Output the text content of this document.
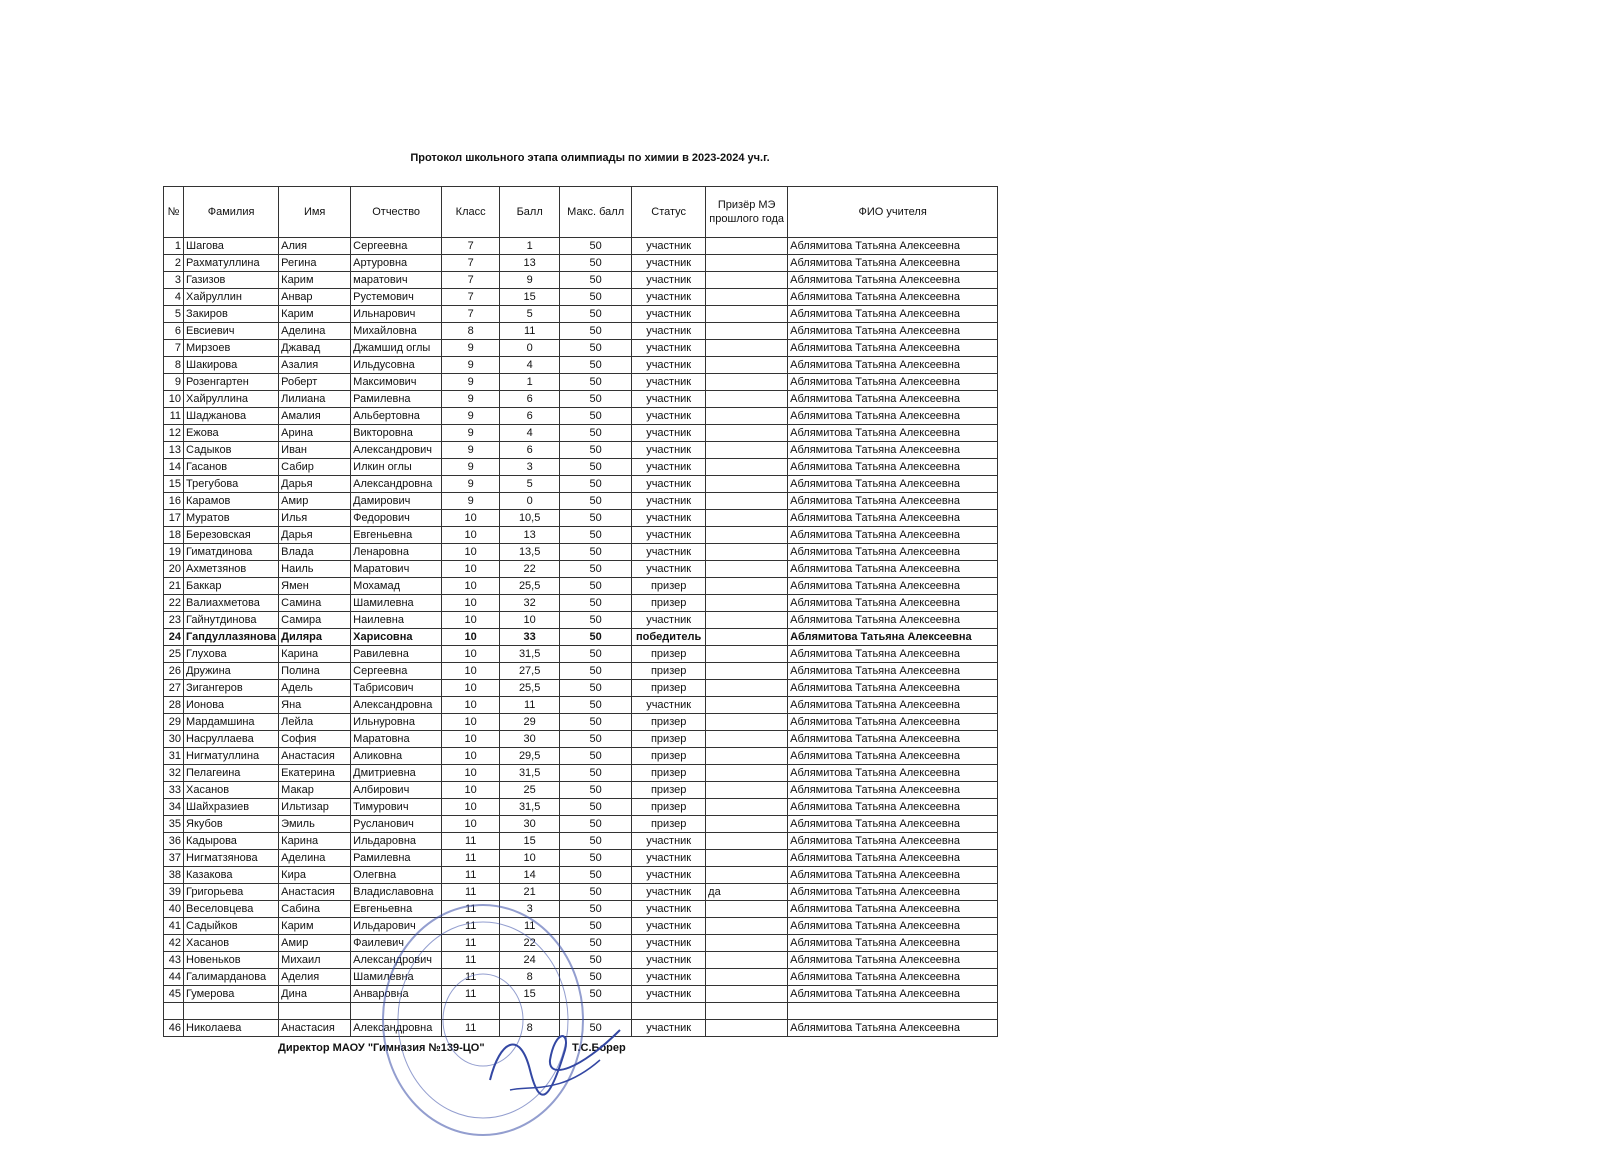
Протокол школьного этапа олимпиады по химии в 2023-2024 уч.г.
№	Фамилия	Имя	Отчество	Класс	Балл	Макс. балл	Статус	Призёр МЭ прошлого года	ФИО учителя
1	Шагова	Алия	Сергеевна	7	1	50	участник		Аблямитова Татьяна Алексеевна
2	Рахматуллина	Регина	Артуровна	7	13	50	участник		Аблямитова Татьяна Алексеевна
3	Газизов	Карим	маратович	7	9	50	участник		Аблямитова Татьяна Алексеевна
4	Хайруллин	Анвар	Рустемович	7	15	50	участник		Аблямитова Татьяна Алексеевна
5	Закиров	Карим	Ильнарович	7	5	50	участник		Аблямитова Татьяна Алексеевна
6	Евсиевич	Аделина	Михайловна	8	11	50	участник		Аблямитова Татьяна Алексеевна
7	Мирзоев	Джавад	Джамшид оглы	9	0	50	участник		Аблямитова Татьяна Алексеевна
8	Шакирова	Азалия	Ильдусовна	9	4	50	участник		Аблямитова Татьяна Алексеевна
9	Розенгартен	Роберт	Максимович	9	1	50	участник		Аблямитова Татьяна Алексеевна
10	Хайруллина	Лилиана	Рамилевна	9	6	50	участник		Аблямитова Татьяна Алексеевна
11	Шаджанова	Амалия	Альбертовна	9	6	50	участник		Аблямитова Татьяна Алексеевна
12	Ежова	Арина	Викторовна	9	4	50	участник		Аблямитова Татьяна Алексеевна
13	Садыков	Иван	Александрович	9	6	50	участник		Аблямитова Татьяна Алексеевна
14	Гасанов	Сабир	Илкин оглы	9	3	50	участник		Аблямитова Татьяна Алексеевна
15	Трегубова	Дарья	Александровна	9	5	50	участник		Аблямитова Татьяна Алексеевна
16	Карамов	Амир	Дамирович	9	0	50	участник		Аблямитова Татьяна Алексеевна
17	Муратов	Илья	Федорович	10	10,5	50	участник		Аблямитова Татьяна Алексеевна
18	Березовская	Дарья	Евгеньевна	10	13	50	участник		Аблямитова Татьяна Алексеевна
19	Гиматдинова	Влада	Ленаровна	10	13,5	50	участник		Аблямитова Татьяна Алексеевна
20	Ахметзянов	Наиль	Маратович	10	22	50	участник		Аблямитова Татьяна Алексеевна
21	Баккар	Ямен	Мохамад	10	25,5	50	призер		Аблямитова Татьяна Алексеевна
22	Валиахметова	Самина	Шамилевна	10	32	50	призер		Аблямитова Татьяна Алексеевна
23	Гайнутдинова	Самира	Наилевна	10	10	50	участник		Аблямитова Татьяна Алексеевна
24	Гапдуллазянова	Диляра	Харисовна	10	33	50	победитель		Аблямитова Татьяна Алексеевна
25	Глухова	Карина	Равилевна	10	31,5	50	призер		Аблямитова Татьяна Алексеевна
26	Дружина	Полина	Сергеевна	10	27,5	50	призер		Аблямитова Татьяна Алексеевна
27	Зигангеров	Адель	Табрисович	10	25,5	50	призер		Аблямитова Татьяна Алексеевна
28	Ионова	Яна	Александровна	10	11	50	участник		Аблямитова Татьяна Алексеевна
29	Мардамшина	Лейла	Ильнуровна	10	29	50	призер		Аблямитова Татьяна Алексеевна
30	Насруллаева	София	Маратовна	10	30	50	призер		Аблямитова Татьяна Алексеевна
31	Нигматуллина	Анастасия	Аликовна	10	29,5	50	призер		Аблямитова Татьяна Алексеевна
32	Пелагеина	Екатерина	Дмитриевна	10	31,5	50	призер		Аблямитова Татьяна Алексеевна
33	Хасанов	Макар	Албирович	10	25	50	призер		Аблямитова Татьяна Алексеевна
34	Шайхразиев	Ильтизар	Тимурович	10	31,5	50	призер		Аблямитова Татьяна Алексеевна
35	Якубов	Эмиль	Русланович	10	30	50	призер		Аблямитова Татьяна Алексеевна
36	Кадырова	Карина	Ильдаровна	11	15	50	участник		Аблямитова Татьяна Алексеевна
37	Нигматзянова	Аделина	Рамилевна	11	10	50	участник		Аблямитова Татьяна Алексеевна
38	Казакова	Кира	Олегвна	11	14	50	участник		Аблямитова Татьяна Алексеевна
39	Григорьева	Анастасия	Владиславовна	11	21	50	участник	да	Аблямитова Татьяна Алексеевна
40	Веселовцева	Сабина	Евгеньевна	11	3	50	участник		Аблямитова Татьяна Алексеевна
41	Садыйков	Карим	Ильдарович	11	11	50	участник		Аблямитова Татьяна Алексеевна
42	Хасанов	Амир	Фаилевич	11	22	50	участник		Аблямитова Татьяна Алексеевна
43	Новеньков	Михаил	Александрович	11	24	50	участник		Аблямитова Татьяна Алексеевна
44	Галимарданова	Аделия	Шамилевна	11	8	50	участник		Аблямитова Татьяна Алексеевна
45	Гумерова	Дина	Анваровна	11	15	50	участник		Аблямитова Татьяна Алексеевна

46	Николаева	Анастасия	Александровна	11	8	50	участник		Аблямитова Татьяна Алексеевна
Директор МАОУ "Гимназия №139-ЦО"	Т.С.Борер
